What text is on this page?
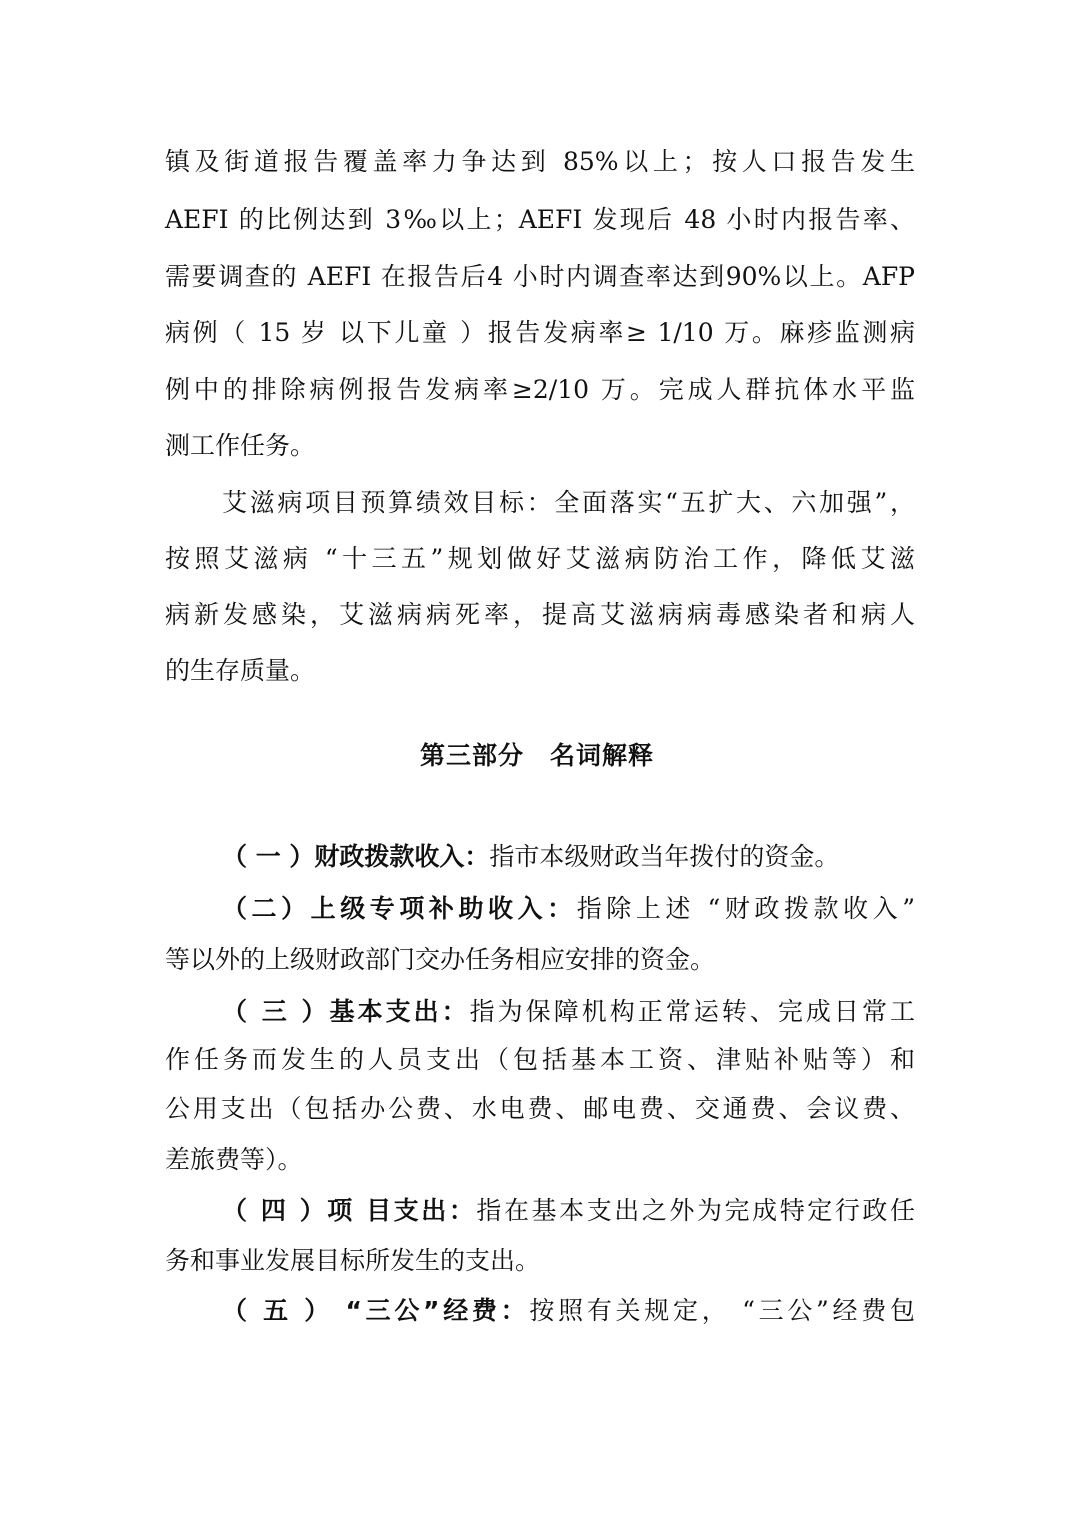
镇及街道报告覆盖率力争达到 85%以上；按人口报告发生
AEFI 的比例达到 3‰以上；AEFI 发现后 48 小时内报告率、
需要调查的 AEFI 在报告后4 小时内调查率达到90%以上。AFP
病例（ 15 岁 以下儿童 ）报告发病率≥ 1/10 万。麻疹监测病
例中的排除病例报告发病率≥2/10 万。完成人群抗体水平监
测工作任务。
艾滋病项目预算绩效目标：全面落实“五扩大、六加强”，
按照艾滋病 “十三五”规划做好艾滋病防治工作，降低艾滋
病新发感染，艾滋病病死率，提高艾滋病病毒感染者和病人
的生存质量。
第三部分　名词解释
（ 一 ）财政拨款收入：指市本级财政当年拨付的资金。
（二）上级专项补助收入：指除上述 “财政拨款收入”
等以外的上级财政部门交办任务相应安排的资金。
（ 三 ）基本支出：指为保障机构正常运转、完成日常工
作任务而发生的人员支出（包括基本工资、津贴补贴等）和
公用支出（包括办公费、水电费、邮电费、交通费、会议费、
差旅费等）。
（ 四 ）项 目支出：指在基本支出之外为完成特定行政任
务和事业发展目标所发生的支出。
（ 五 ） “三公”经费：按照有关规定， “三公”经费包
